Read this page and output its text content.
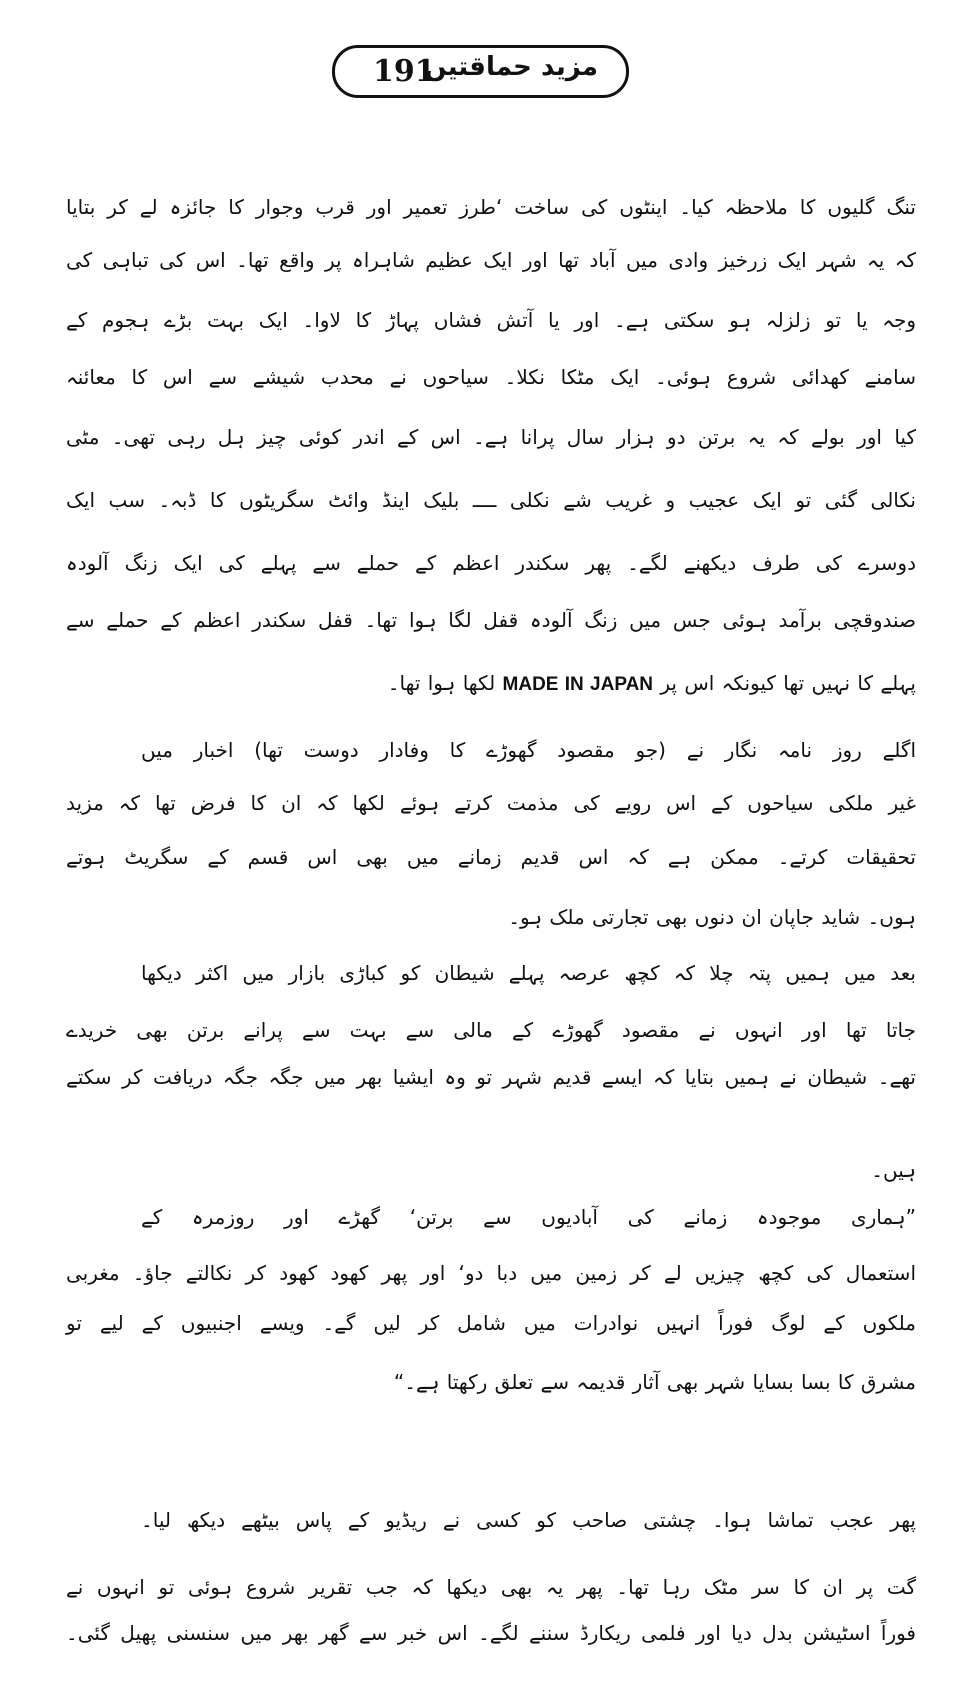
191
مزید حماقتیں
تنگ گلیوں کا ملاحظہ کیا۔ اینٹوں کی ساخت ‘طرز تعمیر اور قرب وجوار کا جائزہ لے کر بتایا
کہ یہ شہر ایک زرخیز وادی میں آباد تھا اور ایک عظیم شاہراہ پر واقع تھا۔ اس کی تباہی کی
وجہ یا تو زلزلہ ہو سکتی ہے۔ اور یا آتش فشاں پہاڑ کا لاوا۔ ایک بہت بڑے ہجوم کے
سامنے کھدائی شروع ہوئی۔ ایک مٹکا نکلا۔ سیاحوں نے محدب شیشے سے اس کا معائنہ
کیا اور بولے کہ یہ برتن دو ہزار سال پرانا ہے۔ اس کے اندر کوئی چیز ہل رہی تھی۔ مٹی
نکالی گئی تو ایک عجیب و غریب شے نکلی ــــ بلیک اینڈ وائٹ سگریٹوں کا ڈبہ۔ سب ایک
دوسرے کی طرف دیکھنے لگے۔ پھر سکندر اعظم کے حملے سے پہلے کی ایک زنگ آلودہ
صندوقچی برآمد ہوئی جس میں زنگ آلودہ قفل لگا ہوا تھا۔ قفل سکندر اعظم کے حملے سے
پہلے کا نہیں تھا کیونکہ اس پر MADE IN JAPAN لکھا ہوا تھا۔
اگلے روز نامہ نگار نے (جو مقصود گھوڑے کا وفادار دوست تھا) اخبار میں
غیر ملکی سیاحوں کے اس رویے کی مذمت کرتے ہوئے لکھا کہ ان کا فرض تھا کہ مزید
تحقیقات کرتے۔ ممکن ہے کہ اس قدیم زمانے میں بھی اس قسم کے سگریٹ ہوتے
ہوں۔ شاید جاپان ان دنوں بھی تجارتی ملک ہو۔
بعد میں ہمیں پتہ چلا کہ کچھ عرصہ پہلے شیطان کو کباڑی بازار میں اکثر دیکھا
جاتا تھا اور انہوں نے مقصود گھوڑے کے مالی سے بہت سے پرانے برتن بھی خریدے
تھے۔ شیطان نے ہمیں بتایا کہ ایسے قدیم شہر تو وہ ایشیا بھر میں جگہ جگہ دریافت کر سکتے
ہیں۔
”ہماری موجودہ زمانے کی آبادیوں سے برتن‘ گھڑے اور روزمرہ کے
استعمال کی کچھ چیزیں لے کر زمین میں دبا دو‘ اور پھر کھود کھود کر نکالتے جاؤ۔ مغربی
ملکوں کے لوگ فوراً انہیں نوادرات میں شامل کر لیں گے۔ ویسے اجنبیوں کے لیے تو
مشرق کا بسا بسایا شہر بھی آثار قدیمہ سے تعلق رکھتا ہے۔“
پھر عجب تماشا ہوا۔ چشتی صاحب کو کسی نے ریڈیو کے پاس بیٹھے دیکھ لیا۔
گت پر ان کا سر مٹک رہا تھا۔ پھر یہ بھی دیکھا کہ جب تقریر شروع ہوئی تو انہوں نے
فوراً اسٹیشن بدل دیا اور فلمی ریکارڈ سننے لگے۔ اس خبر سے گھر بھر میں سنسنی پھیل گئی۔
